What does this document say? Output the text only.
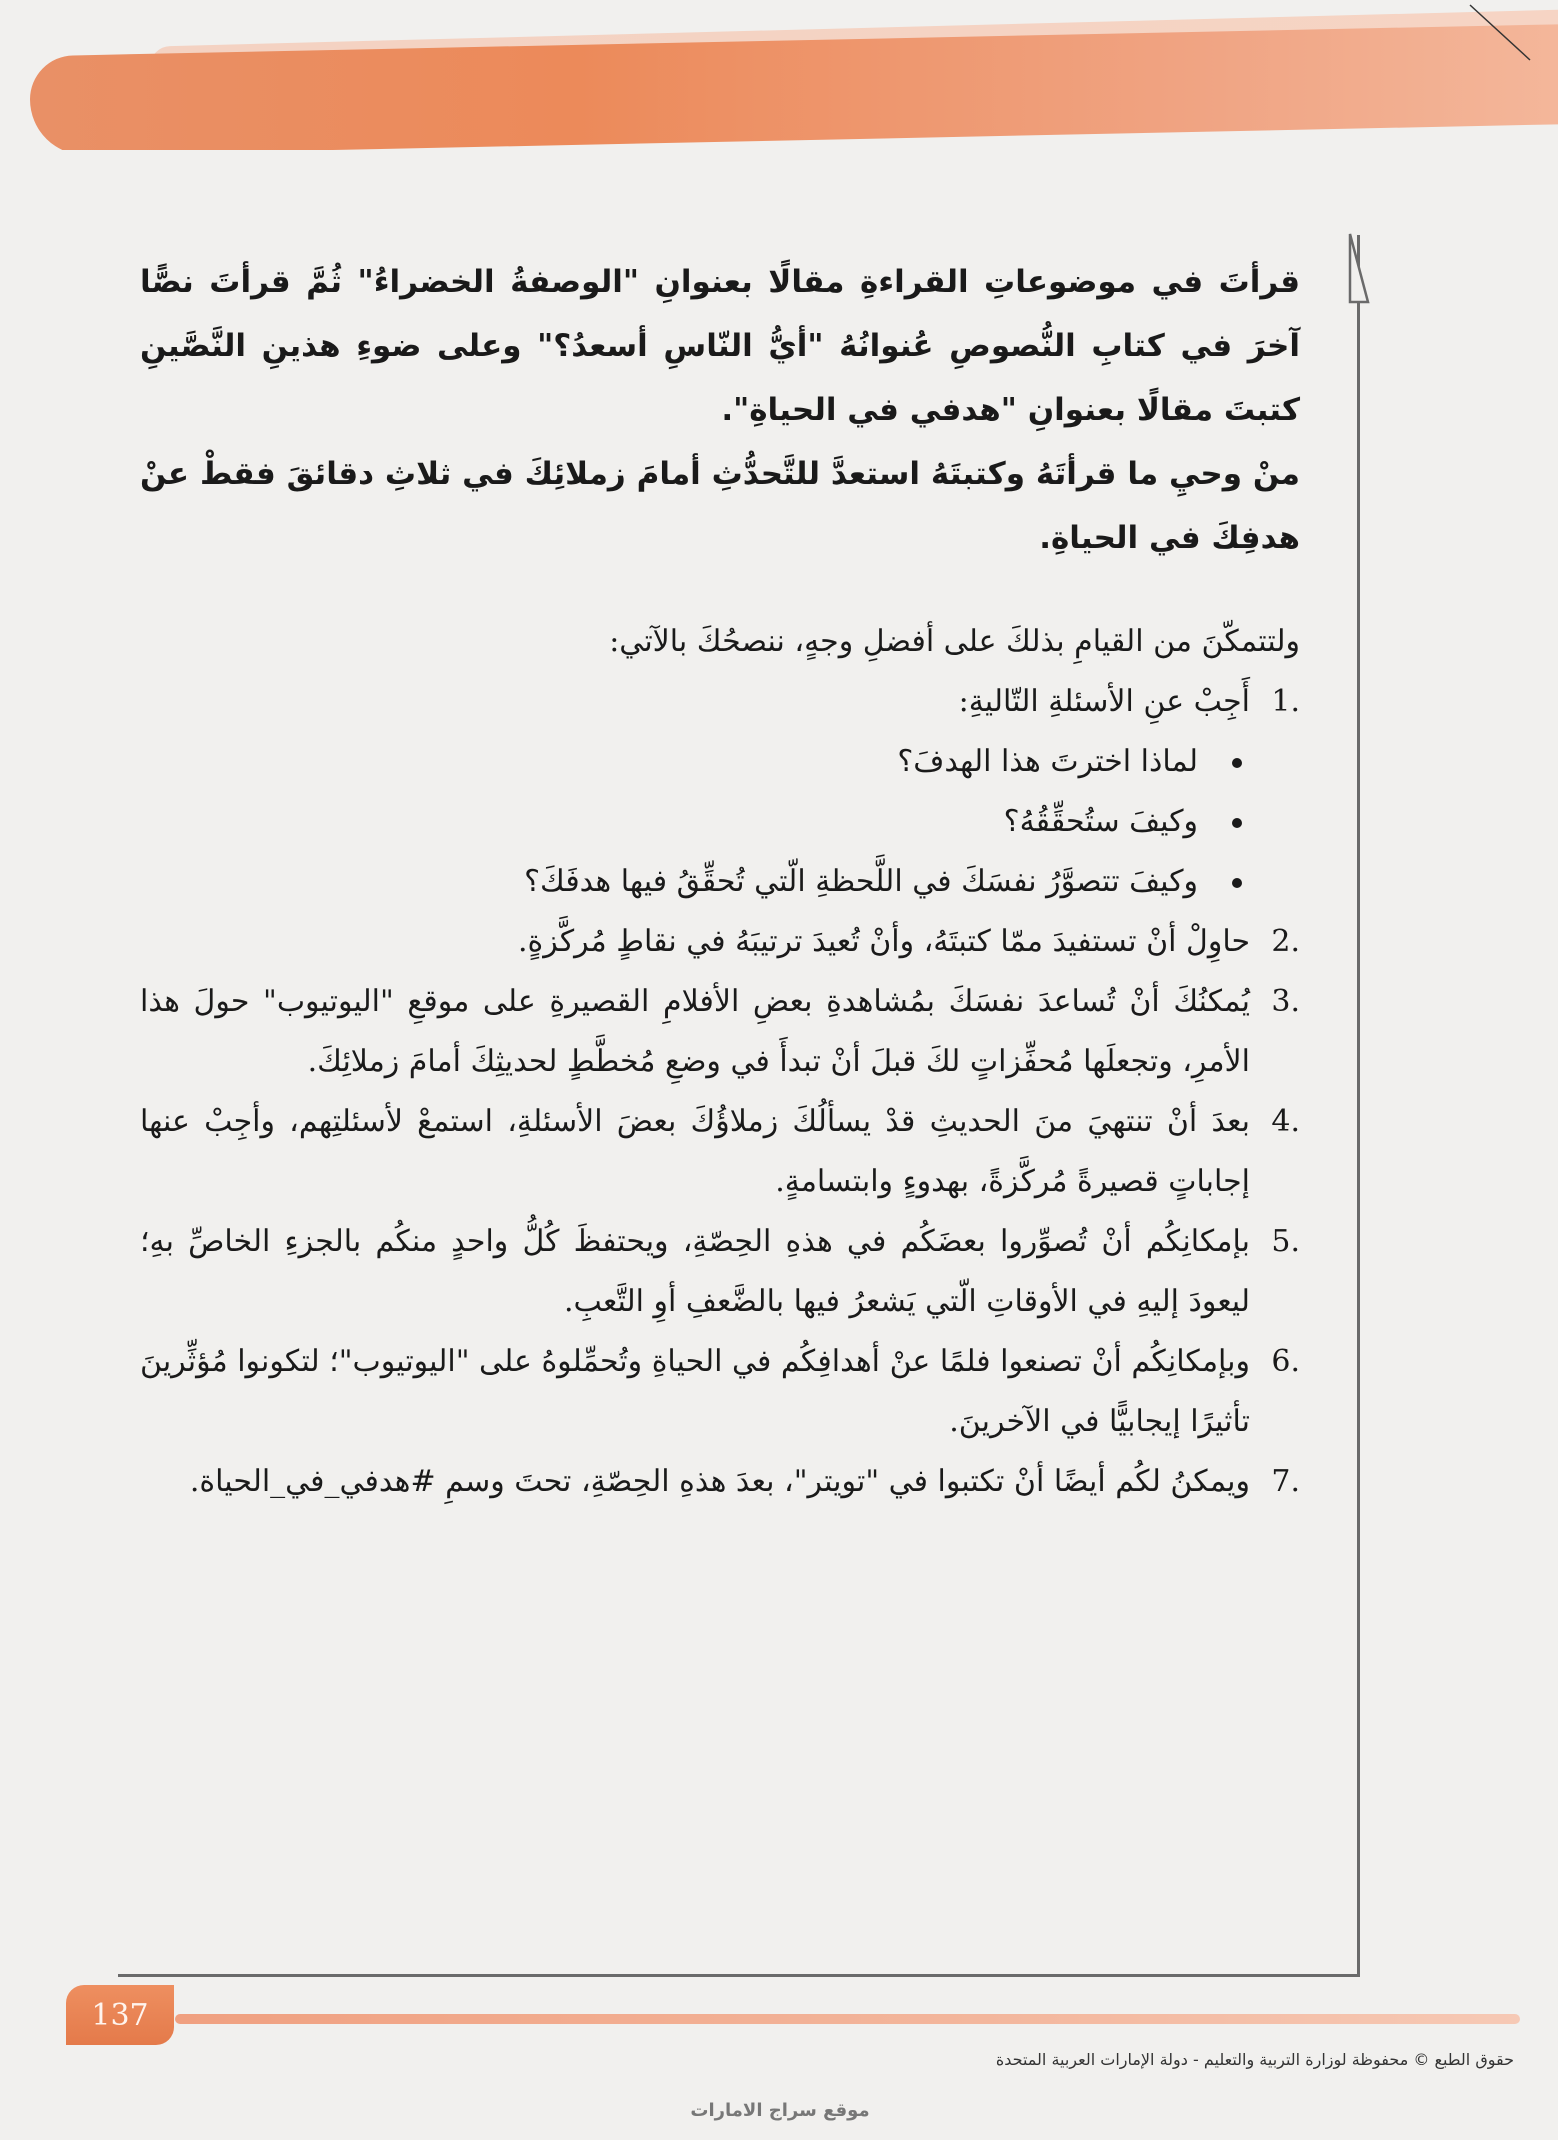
قرأتَ في موضوعاتِ القراءةِ مقالًا بعنوانِ "الوصفةُ الخضراءُ" ثُمَّ قرأتَ نصًّا آخرَ في كتابِ النُّصوصِ عُنوانُهُ "أيُّ النّاسِ أسعدُ؟" وعلى ضوءِ هذينِ النَّصَّينِ كتبتَ مقالًا بعنوانِ "هدفي في الحياةِ".

منْ وحيِ ما قرأتَهُ وكتبتَهُ استعدَّ للتَّحدُّثِ أمامَ زملائِكَ في ثلاثِ دقائقَ فقطْ عنْ هدفِكَ في الحياةِ.

ولتتمكّنَ من القيامِ بذلكَ على أفضلِ وجهٍ، ننصحُكَ بالآتي:

.1
أَجِبْ عنِ الأسئلةِ التّاليةِ:
لماذا اخترتَ هذا الهدفَ؟
وكيفَ ستُحقِّقُهُ؟
وكيفَ تتصوَّرُ نفسَكَ في اللَّحظةِ الّتي تُحقِّقُ فيها هدفَكَ؟
.2
حاوِلْ أنْ تستفيدَ ممّا كتبتَهُ، وأنْ تُعيدَ ترتيبَهُ في نقاطٍ مُركَّزةٍ.
.3
يُمكنُكَ أنْ تُساعدَ نفسَكَ بمُشاهدةِ بعضِ الأفلامِ القصيرةِ على موقعِ "اليوتيوب" حولَ هذا الأمرِ، وتجعلَها مُحفِّزاتٍ لكَ قبلَ أنْ تبدأَ في وضعِ مُخطَّطٍ لحديثِكَ أمامَ زملائِكَ.
.4
بعدَ أنْ تنتهيَ منَ الحديثِ قدْ يسألُكَ زملاؤُكَ بعضَ الأسئلةِ، استمعْ لأسئلتِهم، وأجِبْ عنها إجاباتٍ قصيرةً مُركَّزةً، بهدوءٍ وابتسامةٍ.
.5
بإمكانِكُم أنْ تُصوِّروا بعضَكُم في هذهِ الحِصّةِ، ويحتفظَ كُلُّ واحدٍ منكُم بالجزءِ الخاصِّ بهِ؛ ليعودَ إليهِ في الأوقاتِ الّتي يَشعرُ فيها بالضَّعفِ أوِ التَّعبِ.
.6
وبإمكانِكُم أنْ تصنعوا فلمًا عنْ أهدافِكُم في الحياةِ وتُحمِّلوهُ على "اليوتيوب"؛ لتكونوا مُؤثِّرينَ تأثيرًا إيجابيًّا في الآخرينَ.
.7
ويمكنُ لكُم أيضًا أنْ تكتبوا في "تويتر"، بعدَ هذهِ الحِصّةِ، تحتَ وسمِ #هدفي_في_الحياة.
137
حقوق الطبع © محفوظة لوزارة التربية والتعليم - دولة الإمارات العربية المتحدة
موقع سراج الامارات
